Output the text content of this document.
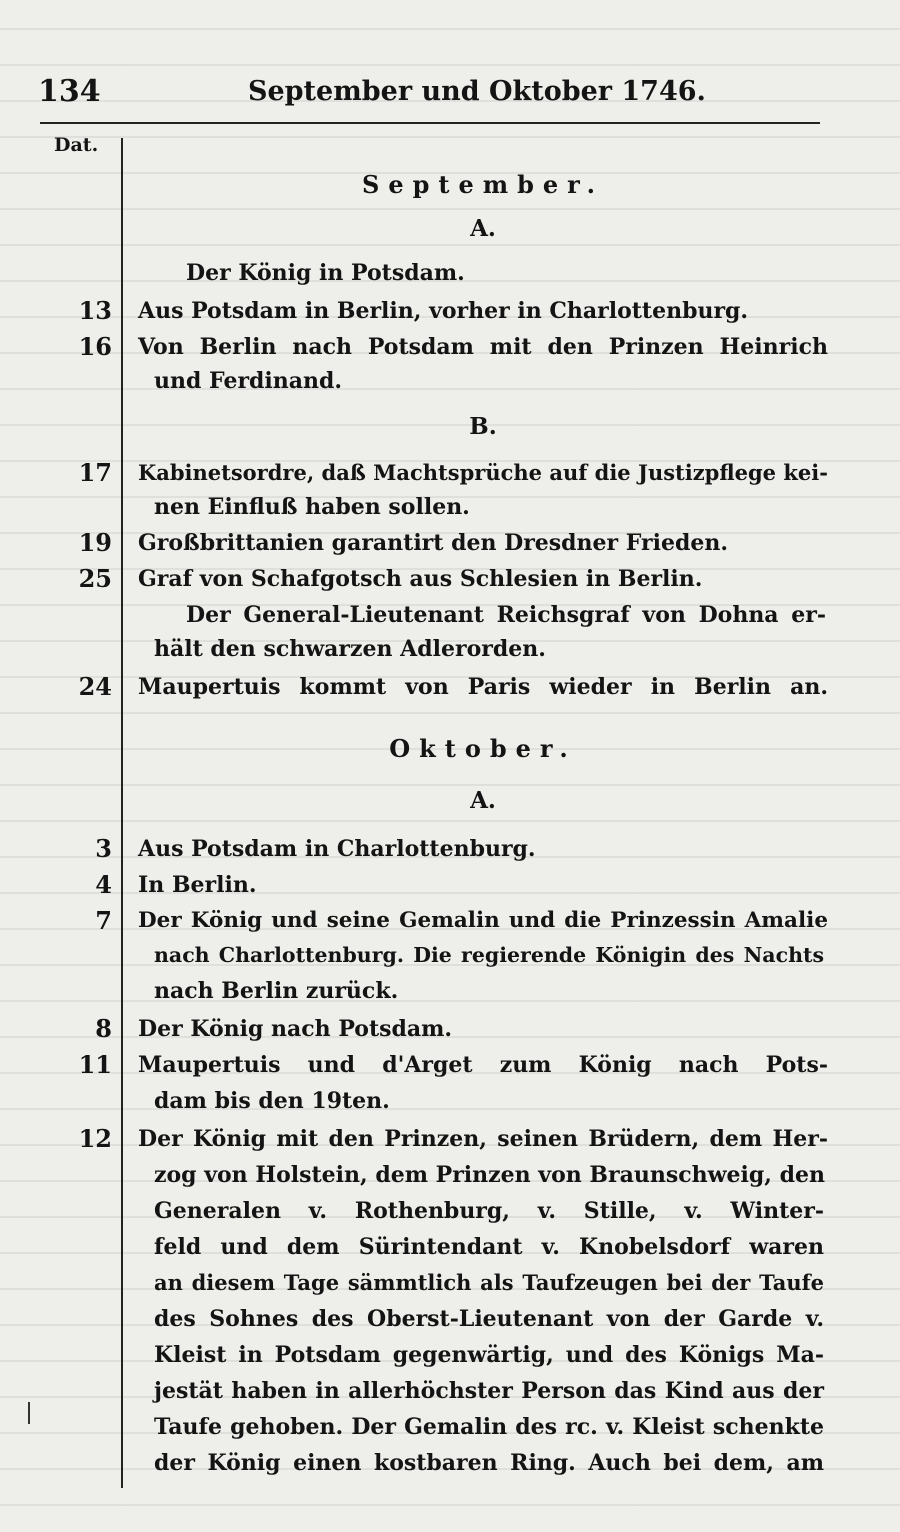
134	September und Oktober 1746.
Dat.
September.
A.
Der König in Potsdam.
13 Aus Potsdam in Berlin, vorher in Charlottenburg.
16 Von Berlin nach Potsdam mit den Prinzen Heinrich
und Ferdinand.
B.
17 Kabinetsordre, daß Machtsprüche auf die Justizpflege kei-
nen Einfluß haben sollen.
19 Großbrittanien garantirt den Dresdner Frieden.
25 Graf von Schafgotsch aus Schlesien in Berlin.
Der General-Lieutenant Reichsgraf von Dohna er-
hält den schwarzen Adlerorden.
24 Maupertuis kommt von Paris wieder in Berlin an.
Oktober.
A.
3 Aus Potsdam in Charlottenburg.
4 In Berlin.
7 Der König und seine Gemalin und die Prinzessin Amalie
nach Charlottenburg. Die regierende Königin des Nachts
nach Berlin zurück.
8 Der König nach Potsdam.
11 Maupertuis und d'Arget zum König nach Pots-
dam bis den 19ten.
12 Der König mit den Prinzen, seinen Brüdern, dem Her-
zog von Holstein, dem Prinzen von Braunschweig, den
Generalen v. Rothenburg, v. Stille, v. Winter-
feld und dem Sürintendant v. Knobelsdorf waren
an diesem Tage sämmtlich als Taufzeugen bei der Taufe
des Sohnes des Oberst-Lieutenant von der Garde v.
Kleist in Potsdam gegenwärtig, und des Königs Ma-
jestät haben in allerhöchster Person das Kind aus der
Taufe gehoben. Der Gemalin des rc. v. Kleist schenkte
der König einen kostbaren Ring. Auch bei dem, am
